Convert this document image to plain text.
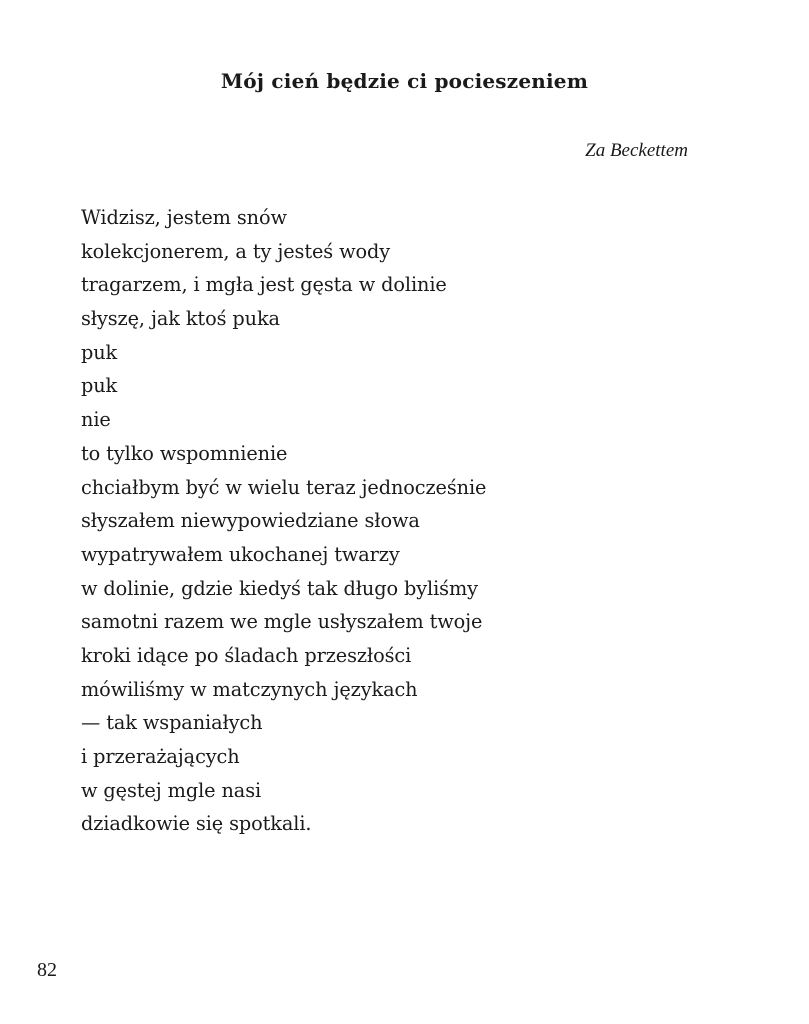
Mój cień będzie ci pocieszeniem
Za Beckettem
Widzisz, jestem snów
kolekcjonerem, a ty jesteś wody
tragarzem, i mgła jest gęsta w dolinie
słyszę, jak ktoś puka
puk
puk
nie
to tylko wspomnienie
chciałbym być w wielu teraz jednocześnie
słyszałem niewypowiedziane słowa
wypatrywałem ukochanej twarzy
w dolinie, gdzie kiedyś tak długo byliśmy
samotni razem we mgle usłyszałem twoje
kroki idące po śladach przeszłości
mówiliśmy w matczynych językach
— tak wspaniałych
i przerażających
w gęstej mgle nasi
dziadkowie się spotkali.
82
